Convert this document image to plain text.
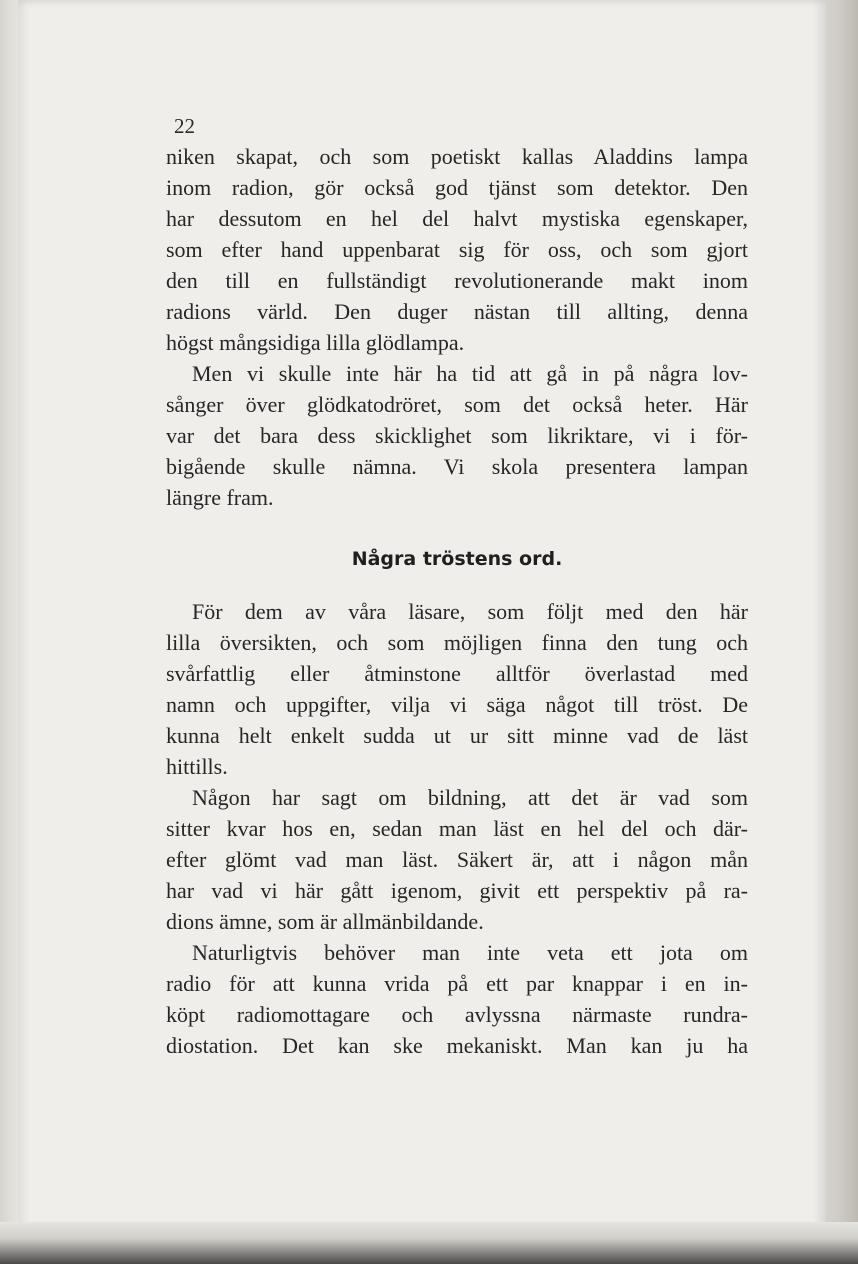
22
niken skapat, och som poetiskt kallas Aladdins lampa
inom radion, gör också god tjänst som detektor. Den
har dessutom en hel del halvt mystiska egenskaper,
som efter hand uppenbarat sig för oss, och som gjort
den till en fullständigt revolutionerande makt inom
radions värld. Den duger nästan till allting, denna
högst mångsidiga lilla glödlampa.
Men vi skulle inte här ha tid att gå in på några lov-
sånger över glödkatodröret, som det också heter. Här
var det bara dess skicklighet som likriktare, vi i för-
bigående skulle nämna. Vi skola presentera lampan
längre fram.
Några tröstens ord.
För dem av våra läsare, som följt med den här
lilla översikten, och som möjligen finna den tung och
svårfattlig eller åtminstone alltför överlastad med
namn och uppgifter, vilja vi säga något till tröst. De
kunna helt enkelt sudda ut ur sitt minne vad de läst
hittills.
Någon har sagt om bildning, att det är vad som
sitter kvar hos en, sedan man läst en hel del och där-
efter glömt vad man läst. Säkert är, att i någon mån
har vad vi här gått igenom, givit ett perspektiv på ra-
dions ämne, som är allmänbildande.
Naturligtvis behöver man inte veta ett jota om
radio för att kunna vrida på ett par knappar i en in-
köpt radiomottagare och avlyssna närmaste rundra-
diostation. Det kan ske mekaniskt. Man kan ju ha
